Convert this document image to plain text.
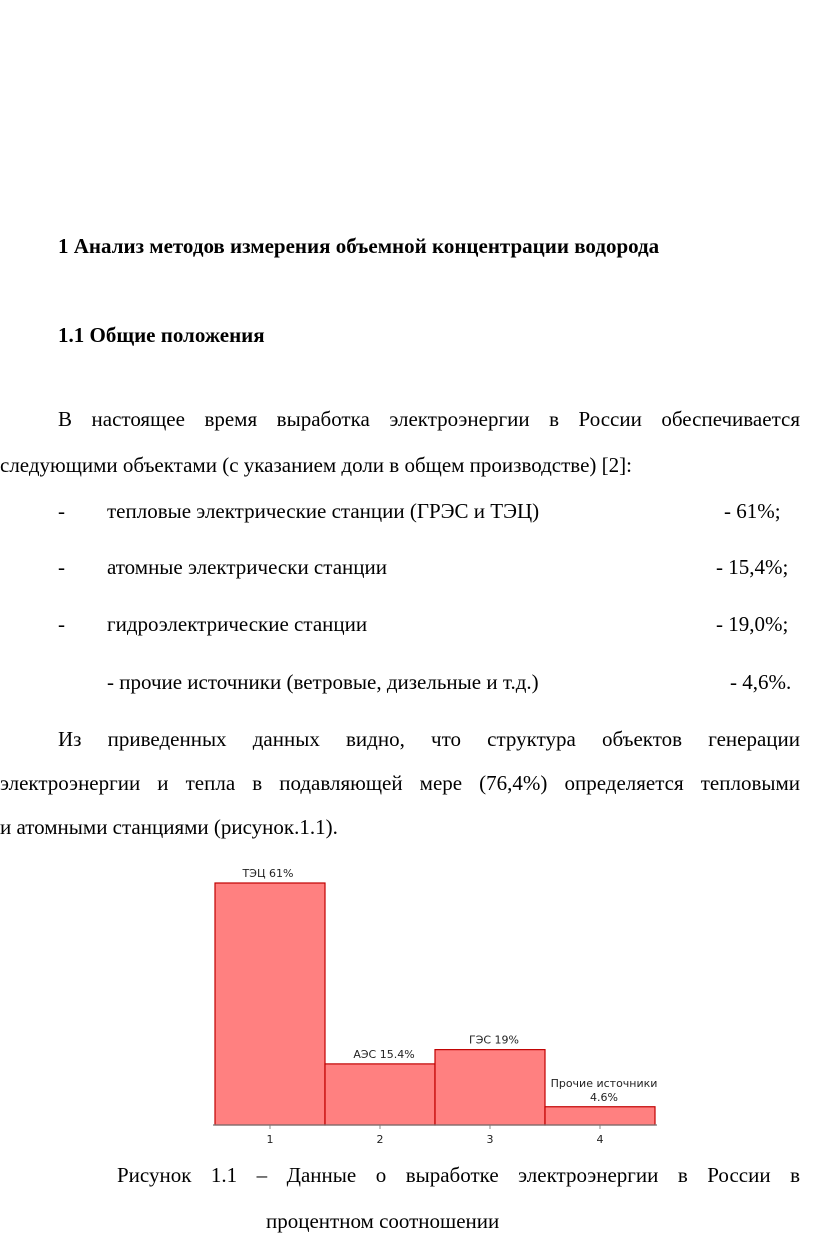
1 Анализ методов измерения объемной концентрации водорода
1.1 Общие положения
В настоящее время выработка электроэнергии в России обеспечивается
следующими объектами (с указанием доли в общем производстве) [2]:
- тепловые электрические станции (ГРЭС и ТЭЦ)	- 61%;
- атомные электрически станции	- 15,4%;
- гидроэлектрические станции	- 19,0%;
- прочие источники (ветровые, дизельные и т.д.)	- 4,6%.
Из приведенных данных видно, что структура объектов генерации
электроэнергии и тепла в подавляющей мере (76,4%) определяется тепловыми
и атомными станциями (рисунок.1.1).
ТЭЦ 61%
1
АЭС 15.4%
2
ГЭС 19%
3
Прочие источники
4.6%
4
Рисунок 1.1 – Данные о выработке электроэнергии в России в
процентном соотношении
